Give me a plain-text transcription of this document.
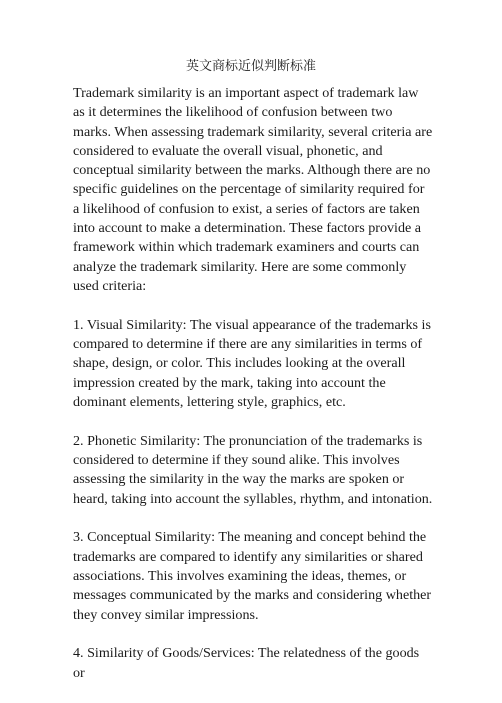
英文商标近似判断标准

Trademark similarity is an important aspect of trademark law as it determines the likelihood of confusion between two marks. When assessing trademark similarity, several criteria are considered to evaluate the overall visual, phonetic, and conceptual similarity between the marks. Although there are no specific guidelines on the percentage of similarity required for a likelihood of confusion to exist, a series of factors are taken into account to make a determination. These factors provide a framework within which trademark examiners and courts can analyze the trademark similarity. Here are some commonly used criteria:

1. Visual Similarity: The visual appearance of the trademarks is compared to determine if there are any similarities in terms of shape, design, or color. This includes looking at the overall impression created by the mark, taking into account the dominant elements, lettering style, graphics, etc.

2. Phonetic Similarity: The pronunciation of the trademarks is considered to determine if they sound alike. This involves assessing the similarity in the way the marks are spoken or heard, taking into account the syllables, rhythm, and intonation.

3. Conceptual Similarity: The meaning and concept behind the trademarks are compared to identify any similarities or shared associations. This involves examining the ideas, themes, or messages communicated by the marks and considering whether they convey similar impressions.

4. Similarity of Goods/Services: The relatedness of the goods or
